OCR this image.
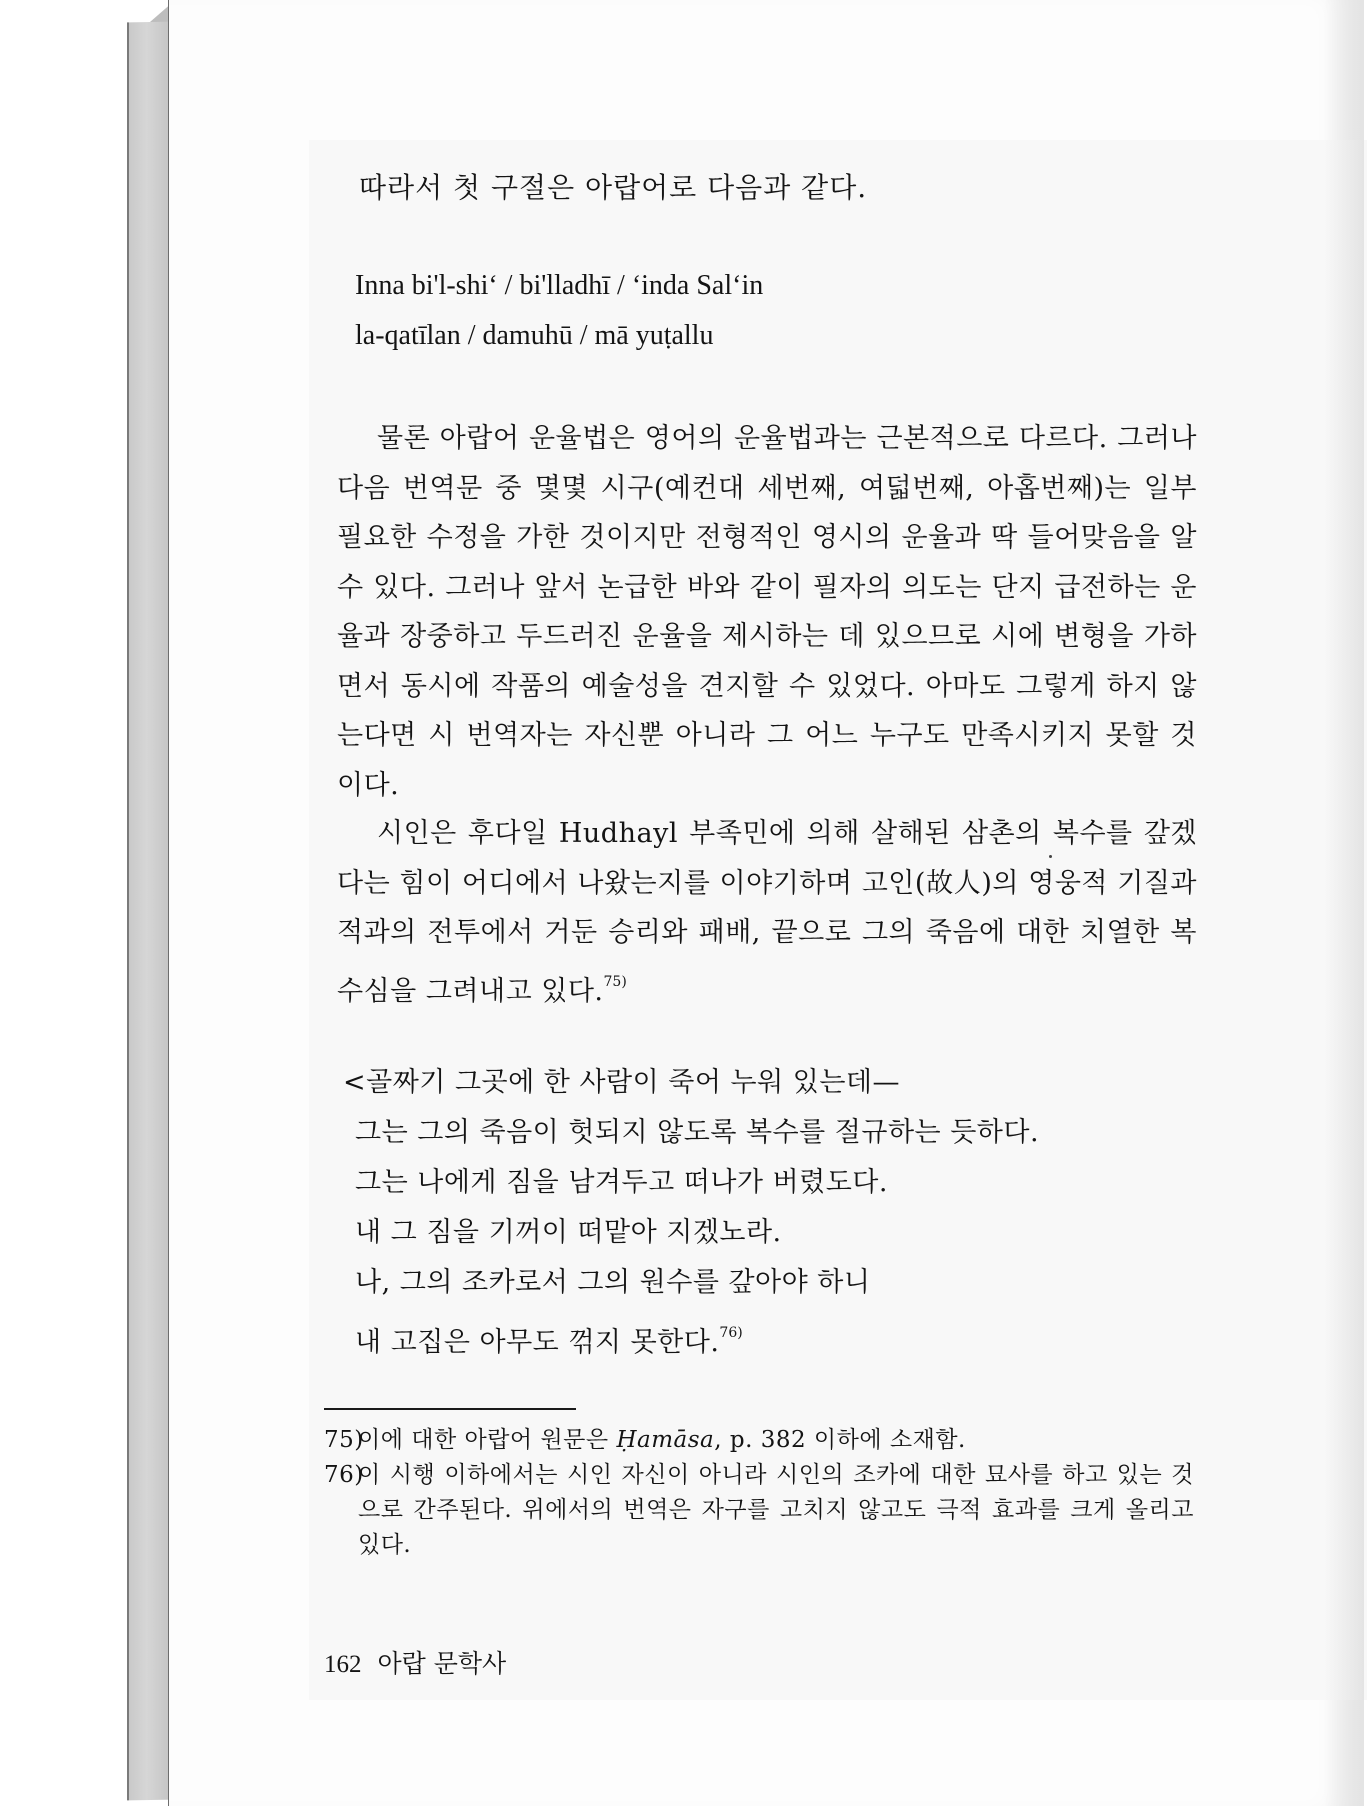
따라서 첫 구절은 아랍어로 다음과 같다.
Inna bi'l-shi‘ / bi'lladhī / ‘inda Sal‘in
la-qatīlan / damuhū / mā yuṭallu
물론 아랍어 운율법은 영어의 운율법과는 근본적으로 다르다. 그러나 다음 번역문 중 몇몇 시구(예컨대 세번째, 여덟번째, 아홉번째)는 일부 필요한 수정을 가한 것이지만 전형적인 영시의 운율과 딱 들어맞음을 알 수 있다. 그러나 앞서 논급한 바와 같이 필자의 의도는 단지 급전하는 운율과 장중하고 두드러진 운율을 제시하는 데 있으므로 시에 변형을 가하면서 동시에 작품의 예술성을 견지할 수 있었다. 아마도 그렇게 하지 않는다면 시 번역자는 자신뿐 아니라 그 어느 누구도 만족시키지 못할 것이다.
시인은 후다일 Hudhayl 부족민에 의해 살해된 삼촌의 복수를 갚겠다는 힘이 어디에서 나왔는지를 이야기하며 고인(故人)의 영웅적 기질과 적과의 전투에서 거둔 승리와 패배, 끝으로 그의 죽음에 대한 치열한 복수심을 그려내고 있다.$^{75)}$
<골짜기 그곳에 한 사람이 죽어 누워 있는데—
그는 그의 죽음이 헛되지 않도록 복수를 절규하는 듯하다.
그는 나에게 짐을 남겨두고 떠나가 버렸도다.
내 그 짐을 기꺼이 떠맡아 지겠노라.
나, 그의 조카로서 그의 원수를 갚아야 하니
내 고집은 아무도 꺾지 못한다.$^{76)}$
75)
이에 대한 아랍어 원문은 Ḥamāsa, p. 382 이하에 소재함.
76)
이 시행 이하에서는 시인 자신이 아니라 시인의 조카에 대한 묘사를 하고 있는 것으로 간주된다. 위에서의 번역은 자구를 고치지 않고도 극적 효과를 크게 올리고 있다.
162 아랍 문학사
